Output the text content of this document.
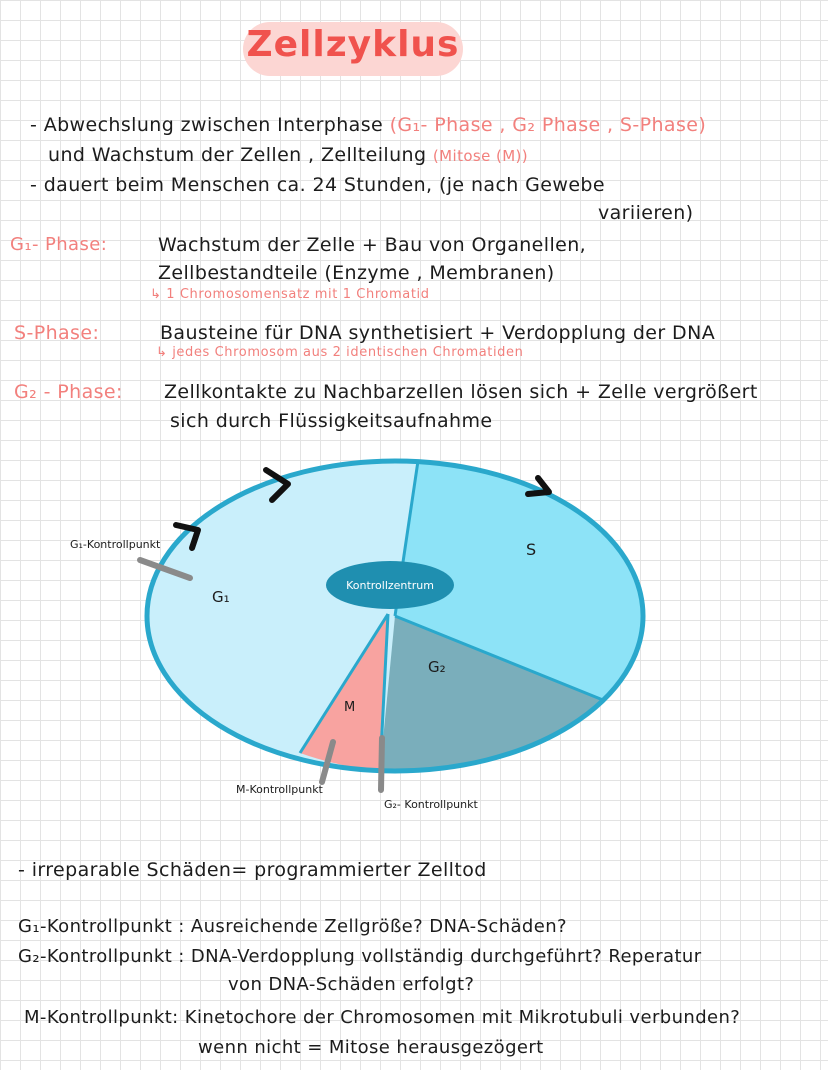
Zellzyklus
- Abwechslung zwischen Interphase (G₁- Phase , G₂ Phase , S-Phase)
und Wachstum der Zellen , Zellteilung (Mitose (M))
- dauert beim Menschen ca. 24 Stunden, (je nach Gewebe
variieren)
G₁- Phase:	Wachstum der Zelle + Bau von Organellen,
Zellbestandteile (Enzyme , Membranen)
↳ 1 Chromosomensatz mit 1 Chromatid
S-Phase:	Bausteine für DNA synthetisiert + Verdopplung der DNA
↳ jedes Chromosom aus 2 identischen Chromatiden
G₂ - Phase: Zellkontakte zu Nachbarzellen lösen sich + Zelle vergrößert
sich durch Flüssigkeitsaufnahme
Kontrollzentrum
G₁
S
G₂
M
G₁-Kontrollpunkt
M-Kontrollpunkt
G₂- Kontrollpunkt
- irreparable Schäden= programmierter Zelltod
G₁-Kontrollpunkt : Ausreichende Zellgröße? DNA-Schäden?
G₂-Kontrollpunkt : DNA-Verdopplung vollständig durchgeführt? Reperatur
von DNA-Schäden erfolgt?
M-Kontrollpunkt: Kinetochore der Chromosomen mit Mikrotubuli verbunden?
wenn nicht = Mitose herausgezögert
